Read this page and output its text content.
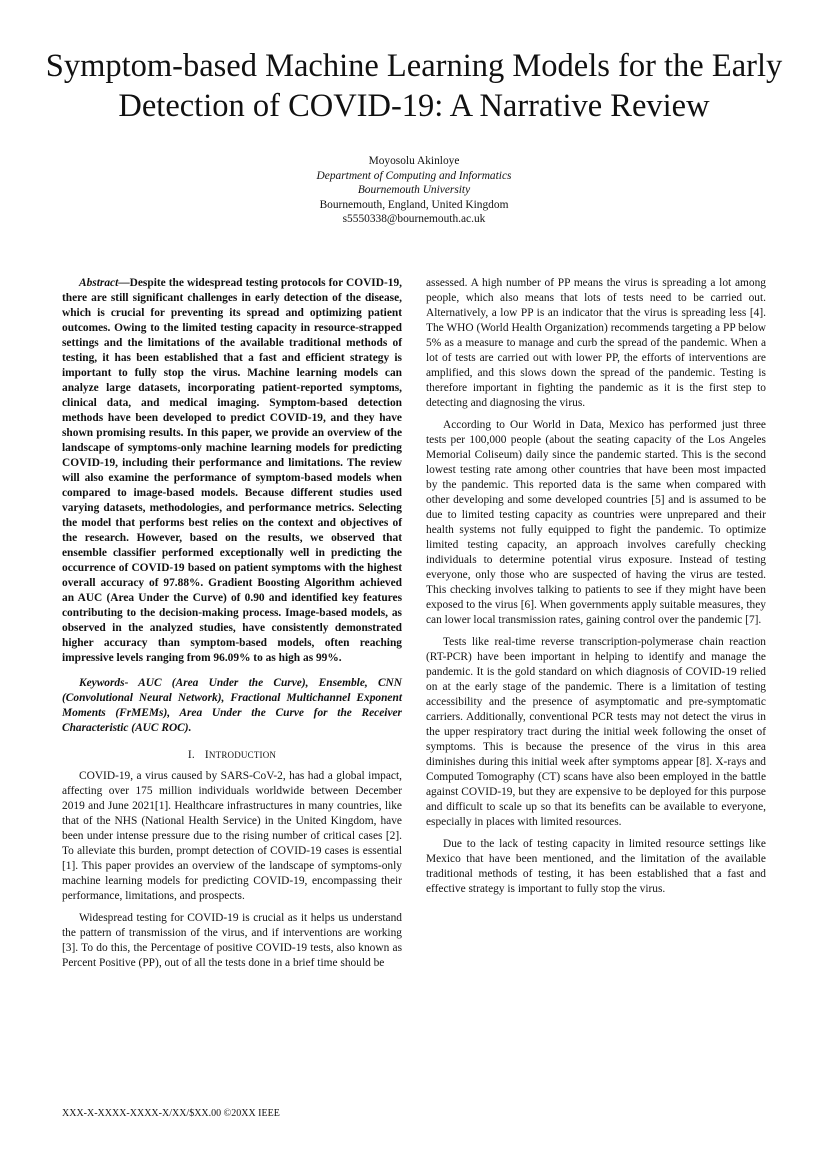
Symptom-based Machine Learning Models for the Early Detection of COVID-19: A Narrative Review
Moyosolu Akinloye
Department of Computing and Informatics
Bournemouth University
Bournemouth, England, United Kingdom
s5550338@bournemouth.ac.uk

Abstract—Despite the widespread testing protocols for COVID-19, there are still significant challenges in early detection of the disease, which is crucial for preventing its spread and optimizing patient outcomes. Owing to the limited testing capacity in resource-strapped settings and the limitations of the available traditional methods of testing, it has been established that a fast and efficient strategy is important to fully stop the virus. Machine learning models can analyze large datasets, incorporating patient-reported symptoms, clinical data, and medical imaging. Symptom-based detection methods have been developed to predict COVID-19, and they have shown promising results. In this paper, we provide an overview of the landscape of symptoms-only machine learning models for predicting COVID-19, including their performance and limitations. The review will also examine the performance of symptom-based models when compared to image-based models. Because different studies used varying datasets, methodologies, and performance metrics. Selecting the model that performs best relies on the context and objectives of the research. However, based on the results, we observed that ensemble classifier performed exceptionally well in predicting the occurrence of COVID-19 based on patient symptoms with the highest overall accuracy of 97.88%. Gradient Boosting Algorithm achieved an AUC (Area Under the Curve) of 0.90 and identified key features contributing to the decision-making process. Image-based models, as observed in the analyzed studies, have consistently demonstrated higher accuracy than symptom-based models, often reaching impressive levels ranging from 96.09% to as high as 99%.

Keywords- AUC (Area Under the Curve), Ensemble, CNN (Convolutional Neural Network), Fractional Multichannel Exponent Moments (FrMEMs), Area Under the Curve for the Receiver Characteristic (AUC ROC).

I. INTRODUCTION

COVID-19, a virus caused by SARS-CoV-2, has had a global impact, affecting over 175 million individuals worldwide between December 2019 and June 2021[1]. Healthcare infrastructures in many countries, like that of the NHS (National Health Service) in the United Kingdom, have been under intense pressure due to the rising number of critical cases [2]. To alleviate this burden, prompt detection of COVID-19 cases is essential [1]. This paper provides an overview of the landscape of symptoms-only machine learning models for predicting COVID-19, encompassing their performance, limitations, and prospects.

Widespread testing for COVID-19 is crucial as it helps us understand the pattern of transmission of the virus, and if interventions are working [3]. To do this, the Percentage of positive COVID-19 tests, also known as Percent Positive (PP), out of all the tests done in a brief time should be

assessed. A high number of PP means the virus is spreading a lot among people, which also means that lots of tests need to be carried out. Alternatively, a low PP is an indicator that the virus is spreading less [4]. The WHO (World Health Organization) recommends targeting a PP below 5% as a measure to manage and curb the spread of the pandemic. When a lot of tests are carried out with lower PP, the efforts of interventions are amplified, and this slows down the spread of the pandemic. Testing is therefore important in fighting the pandemic as it is the first step to detecting and diagnosing the virus.

According to Our World in Data, Mexico has performed just three tests per 100,000 people (about the seating capacity of the Los Angeles Memorial Coliseum) daily since the pandemic started. This is the second lowest testing rate among other countries that have been most impacted by the pandemic. This reported data is the same when compared with other developing and some developed countries [5] and is assumed to be due to limited testing capacity as countries were unprepared and their health systems not fully equipped to fight the pandemic. To optimize limited testing capacity, an approach involves carefully checking individuals to determine potential virus exposure. Instead of testing everyone, only those who are suspected of having the virus are tested. This checking involves talking to patients to see if they might have been exposed to the virus [6]. When governments apply suitable measures, they can lower local transmission rates, gaining control over the pandemic [7].

Tests like real-time reverse transcription-polymerase chain reaction (RT-PCR) have been important in helping to identify and manage the pandemic. It is the gold standard on which diagnosis of COVID-19 relied on at the early stage of the pandemic. There is a limitation of testing accessibility and the presence of asymptomatic and pre-symptomatic carriers. Additionally, conventional PCR tests may not detect the virus in the upper respiratory tract during the initial week following the onset of symptoms. This is because the presence of the virus in this area diminishes during this initial week after symptoms appear [8]. X-rays and Computed Tomography (CT) scans have also been employed in the battle against COVID-19, but they are expensive to be deployed for this purpose and difficult to scale up so that its benefits can be available to everyone, especially in places with limited resources.

Due to the lack of testing capacity in limited resource settings like Mexico that have been mentioned, and the limitation of the available traditional methods of testing, it has been established that a fast and effective strategy is important to fully stop the virus.

XXX-X-XXXX-XXXX-X/XX/$XX.00 ©20XX IEEE
